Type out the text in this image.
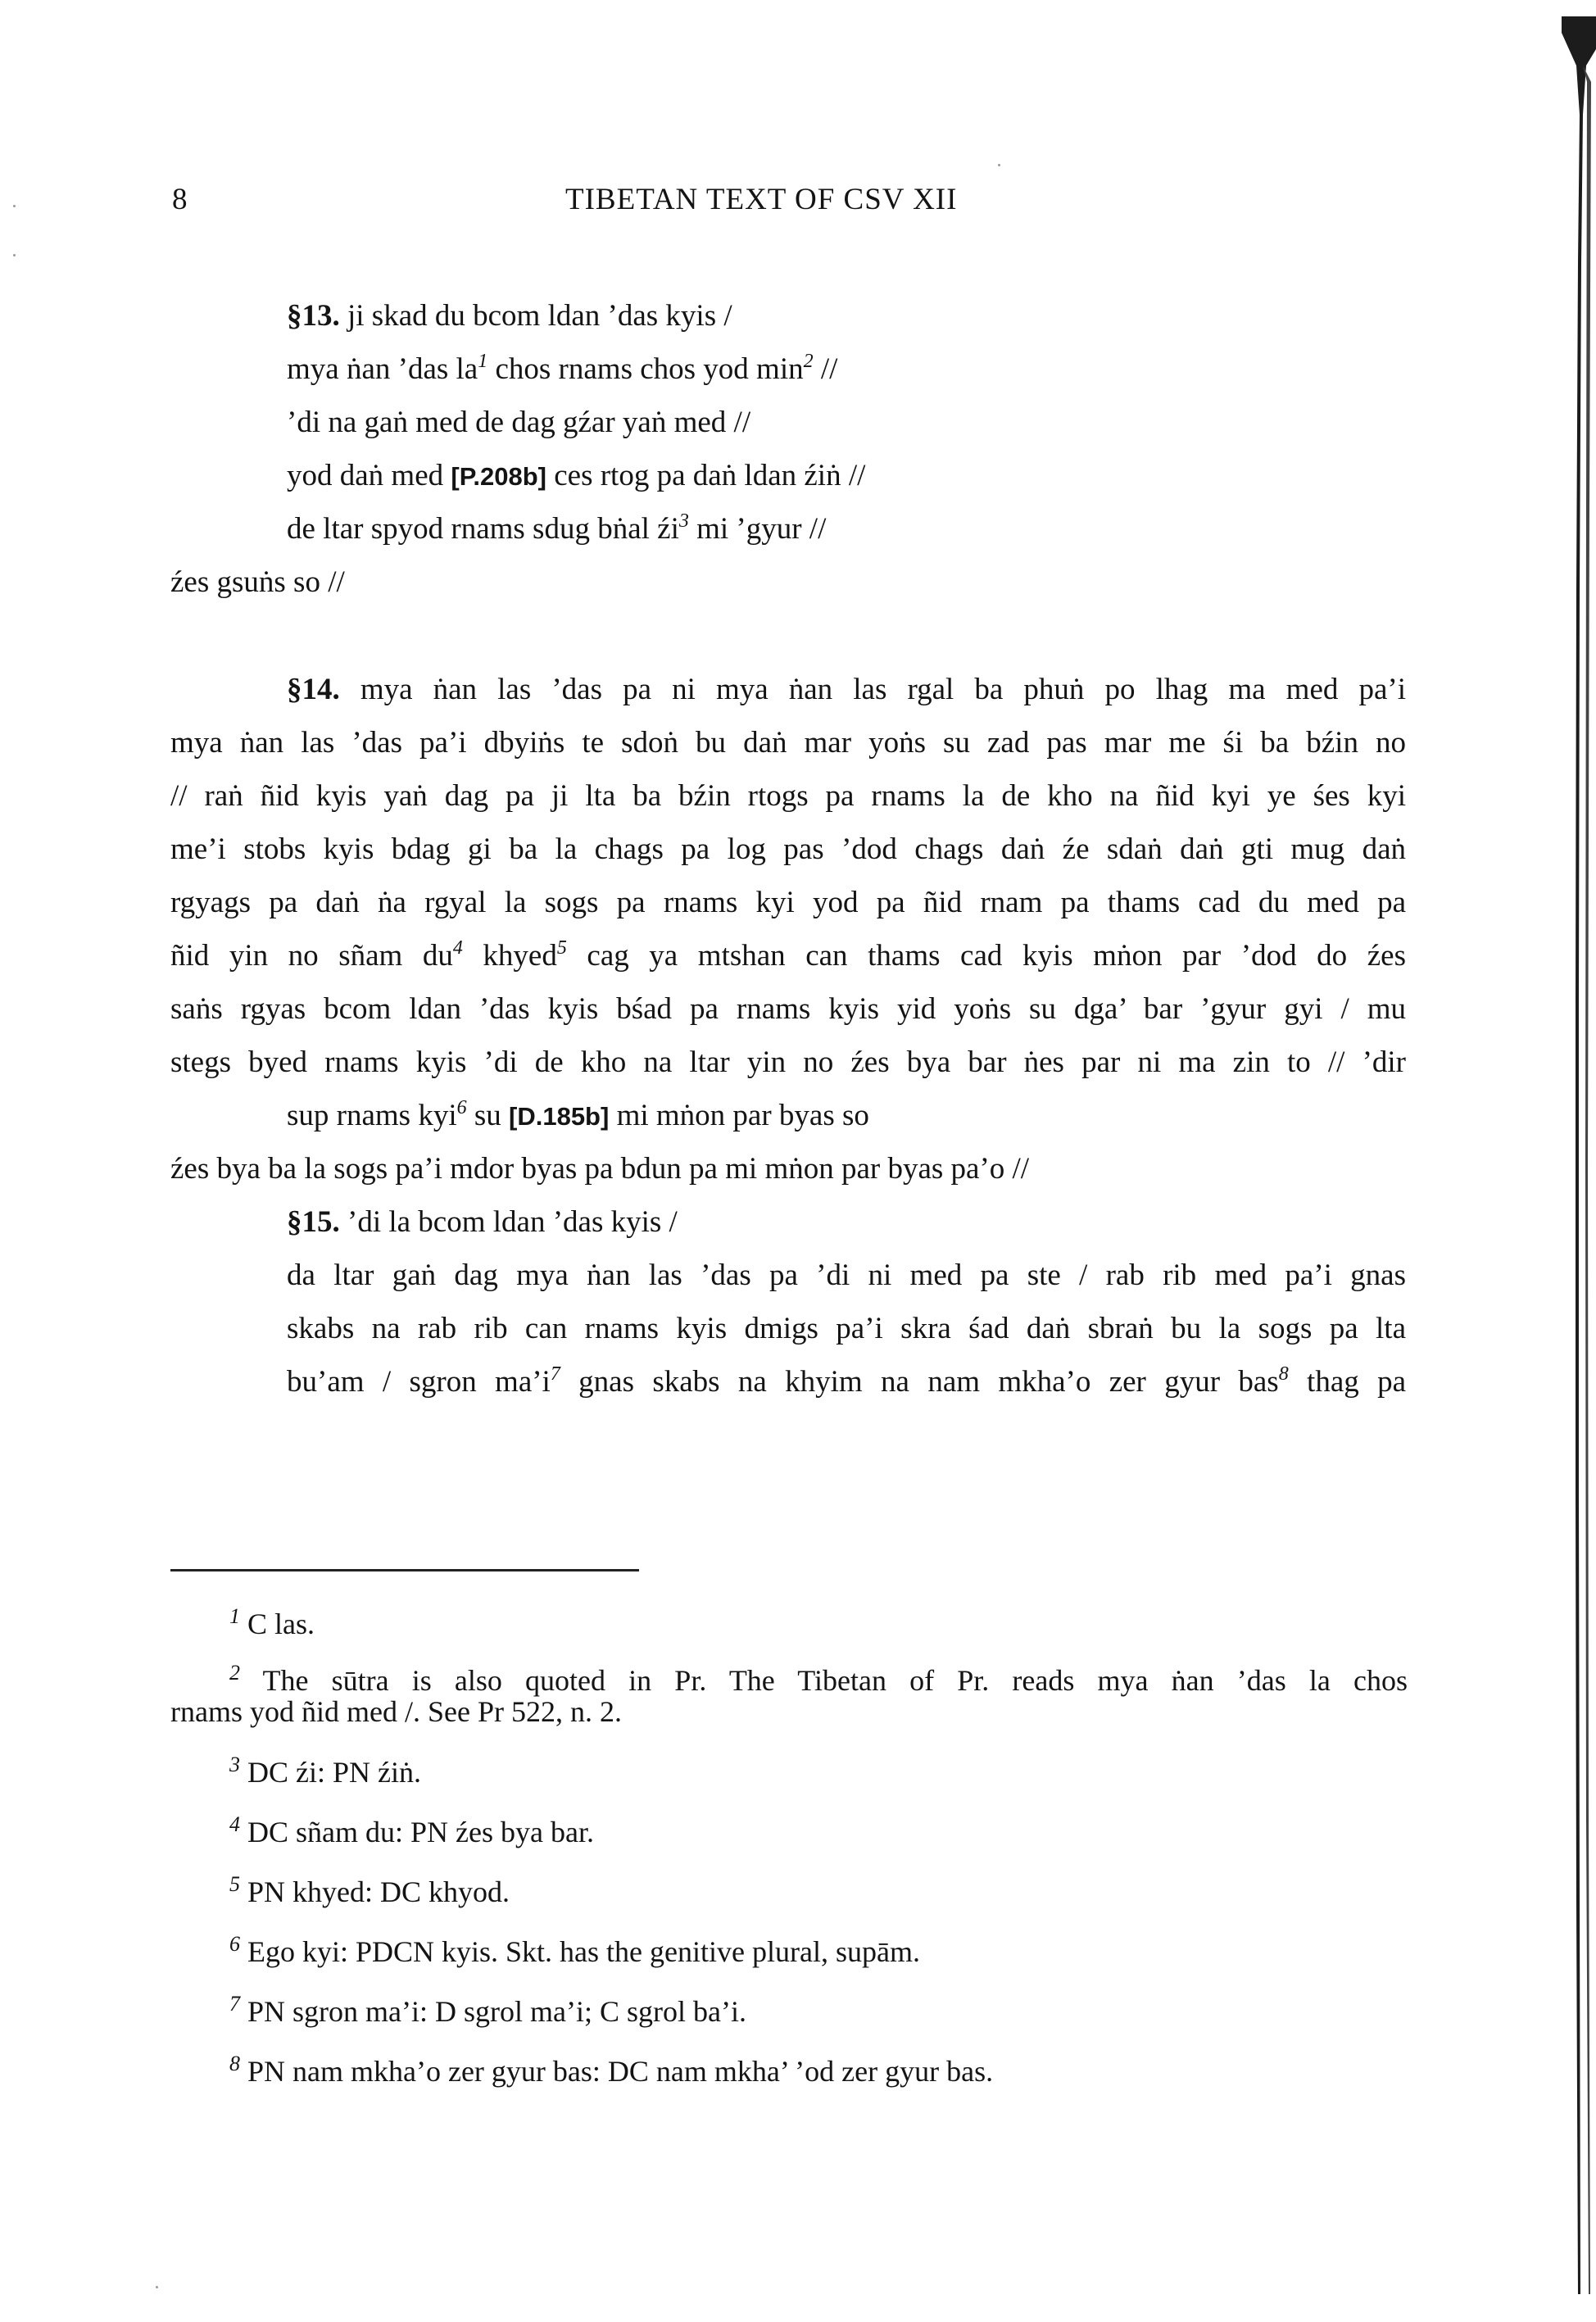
8	TIBETAN TEXT OF CSV XII
§13. ji skad du bcom ldan ’das kyis /
mya ṅan ’das $la^1$ chos rnams chos yod $\min^2$ //
’di na gaṅ med de dag gźar yaṅ med //
yod daṅ med [P.208b] ces rtog pa daṅ ldan źiṅ //
de ltar spyod rnams sdug bṅal $źi^3$ mi ’gyur //
źes gsuṅs so //
§14. mya ṅan las ’das pa ni mya ṅan las rgal ba phuṅ po lhag ma med pa’i
mya ṅan las ’das pa’i dbyiṅs te sdoṅ bu daṅ mar yoṅs su zad pas mar me śi ba bźin no
// raṅ ñid kyis yaṅ dag pa ji lta ba bźin rtogs pa rnams la de kho na ñid kyi ye śes kyi
me’i stobs kyis bdag gi ba la chags pa log pas ’dod chags daṅ źe sdaṅ daṅ gti mug daṅ
rgyags pa daṅ ṅa rgyal la sogs pa rnams kyi yod pa ñid rnam pa thams cad du med pa
ñid yin no sñam $du^4$ khyed$^5$ cag ya mtshan can thams cad kyis mṅon par ’dod do źes
saṅs rgyas bcom ldan ’das kyis bśad pa rnams kyis yid yoṅs su dga’ bar ’gyur gyi / mu
stegs byed rnams kyis ’di de kho na ltar yin no źes bya bar ṅes par ni ma zin to // ’dir
sup rnams kyi$^6$ su [D.185b] mi mṅon par byas so
źes bya ba la sogs pa’i mdor byas pa bdun pa mi mṅon par byas pa’o //
§15. ’di la bcom ldan ’das kyis /
da ltar gaṅ dag mya ṅan las ’das pa ’di ni med pa ste / rab rib med pa’i gnas
skabs na rab rib can rnams kyis dmigs pa’i skra śad daṅ sbraṅ bu la sogs pa lta
bu’am / sgron $ma’i^7$ gnas skabs na khyim na nam mkha’o zer gyur bas$^8$ thag pa
$^1$ C las.
$^2$ The sūtra is also quoted in Pr. The Tibetan of Pr. reads mya ṅan ’das la chos
rnams yod ñid med /. See Pr 522, n. 2.
$^3$ DC źi: PN źiṅ.
$^4$ DC sñam du: PN źes bya bar.
$^5$ PN khyed: DC khyod.
$^6$ Ego kyi: PDCN kyis. Skt. has the genitive plural, supām.
$^7$ PN sgron ma’i: D sgrol ma’i; C sgrol ba’i.
$^8$ PN nam mkha’o zer gyur bas: DC nam mkha’ ’od zer gyur bas.
